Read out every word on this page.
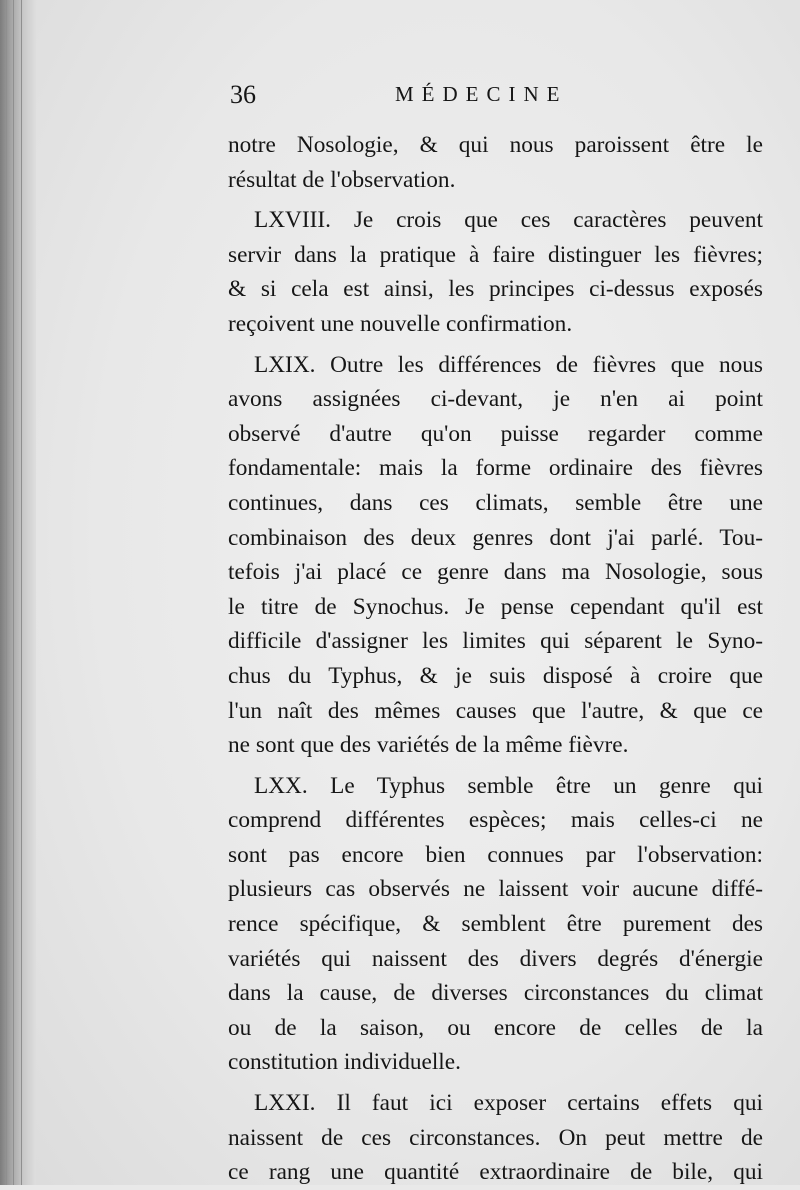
36	MÉDECINE
notre Nosologie, & qui nous paroissent être le
résultat de l'observation.
LXVIII. Je crois que ces caractères peuvent
servir dans la pratique à faire distinguer les fièvres;
& si cela est ainsi, les principes ci-dessus exposés
reçoivent une nouvelle confirmation.
LXIX. Outre les différences de fièvres que nous
avons assignées ci-devant, je n'en ai point
observé d'autre qu'on puisse regarder comme
fondamentale: mais la forme ordinaire des fièvres
continues, dans ces climats, semble être une
combinaison des deux genres dont j'ai parlé. Tou-
tefois j'ai placé ce genre dans ma Nosologie, sous
le titre de Synochus. Je pense cependant qu'il est
difficile d'assigner les limites qui séparent le Syno-
chus du Typhus, & je suis disposé à croire que
l'un naît des mêmes causes que l'autre, & que ce
ne sont que des variétés de la même fièvre.
LXX. Le Typhus semble être un genre qui
comprend différentes espèces; mais celles-ci ne
sont pas encore bien connues par l'observation:
plusieurs cas observés ne laissent voir aucune diffé-
rence spécifique, & semblent être purement des
variétés qui naissent des divers degrés d'énergie
dans la cause, de diverses circonstances du climat
ou de la saison, ou encore de celles de la
constitution individuelle.
LXXI. Il faut ici exposer certains effets qui
naissent de ces circonstances. On peut mettre de
ce rang une quantité extraordinaire de bile, qui
